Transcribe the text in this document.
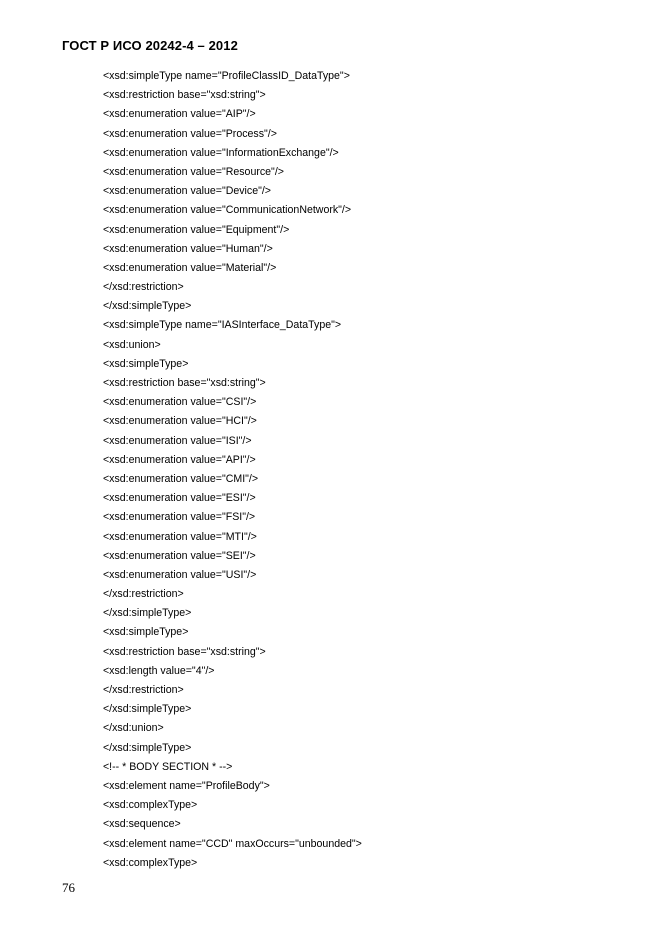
ГОСТ Р ИСО 20242-4 – 2012
<xsd:simpleType name="ProfileClassID_DataType">
<xsd:restriction base="xsd:string">
<xsd:enumeration value="AIP"/>
<xsd:enumeration value="Process"/>
<xsd:enumeration value="InformationExchange"/>
<xsd:enumeration value="Resource"/>
<xsd:enumeration value="Device"/>
<xsd:enumeration value="CommunicationNetwork"/>
<xsd:enumeration value="Equipment"/>
<xsd:enumeration value="Human"/>
<xsd:enumeration value="Material"/>
</xsd:restriction>
</xsd:simpleType>
<xsd:simpleType name="IASInterface_DataType">
<xsd:union>
<xsd:simpleType>
<xsd:restriction base="xsd:string">
<xsd:enumeration value="CSI"/>
<xsd:enumeration value="HCI"/>
<xsd:enumeration value="ISI"/>
<xsd:enumeration value="API"/>
<xsd:enumeration value="CMI"/>
<xsd:enumeration value="ESI"/>
<xsd:enumeration value="FSI"/>
<xsd:enumeration value="MTI"/>
<xsd:enumeration value="SEI"/>
<xsd:enumeration value="USI"/>
</xsd:restriction>
</xsd:simpleType>
<xsd:simpleType>
<xsd:restriction base="xsd:string">
<xsd:length value="4"/>
</xsd:restriction>
</xsd:simpleType>
</xsd:union>
</xsd:simpleType>
<!-- * BODY SECTION * -->
<xsd:element name="ProfileBody">
<xsd:complexType>
<xsd:sequence>
<xsd:element name="CCD" maxOccurs="unbounded">
<xsd:complexType>
76
